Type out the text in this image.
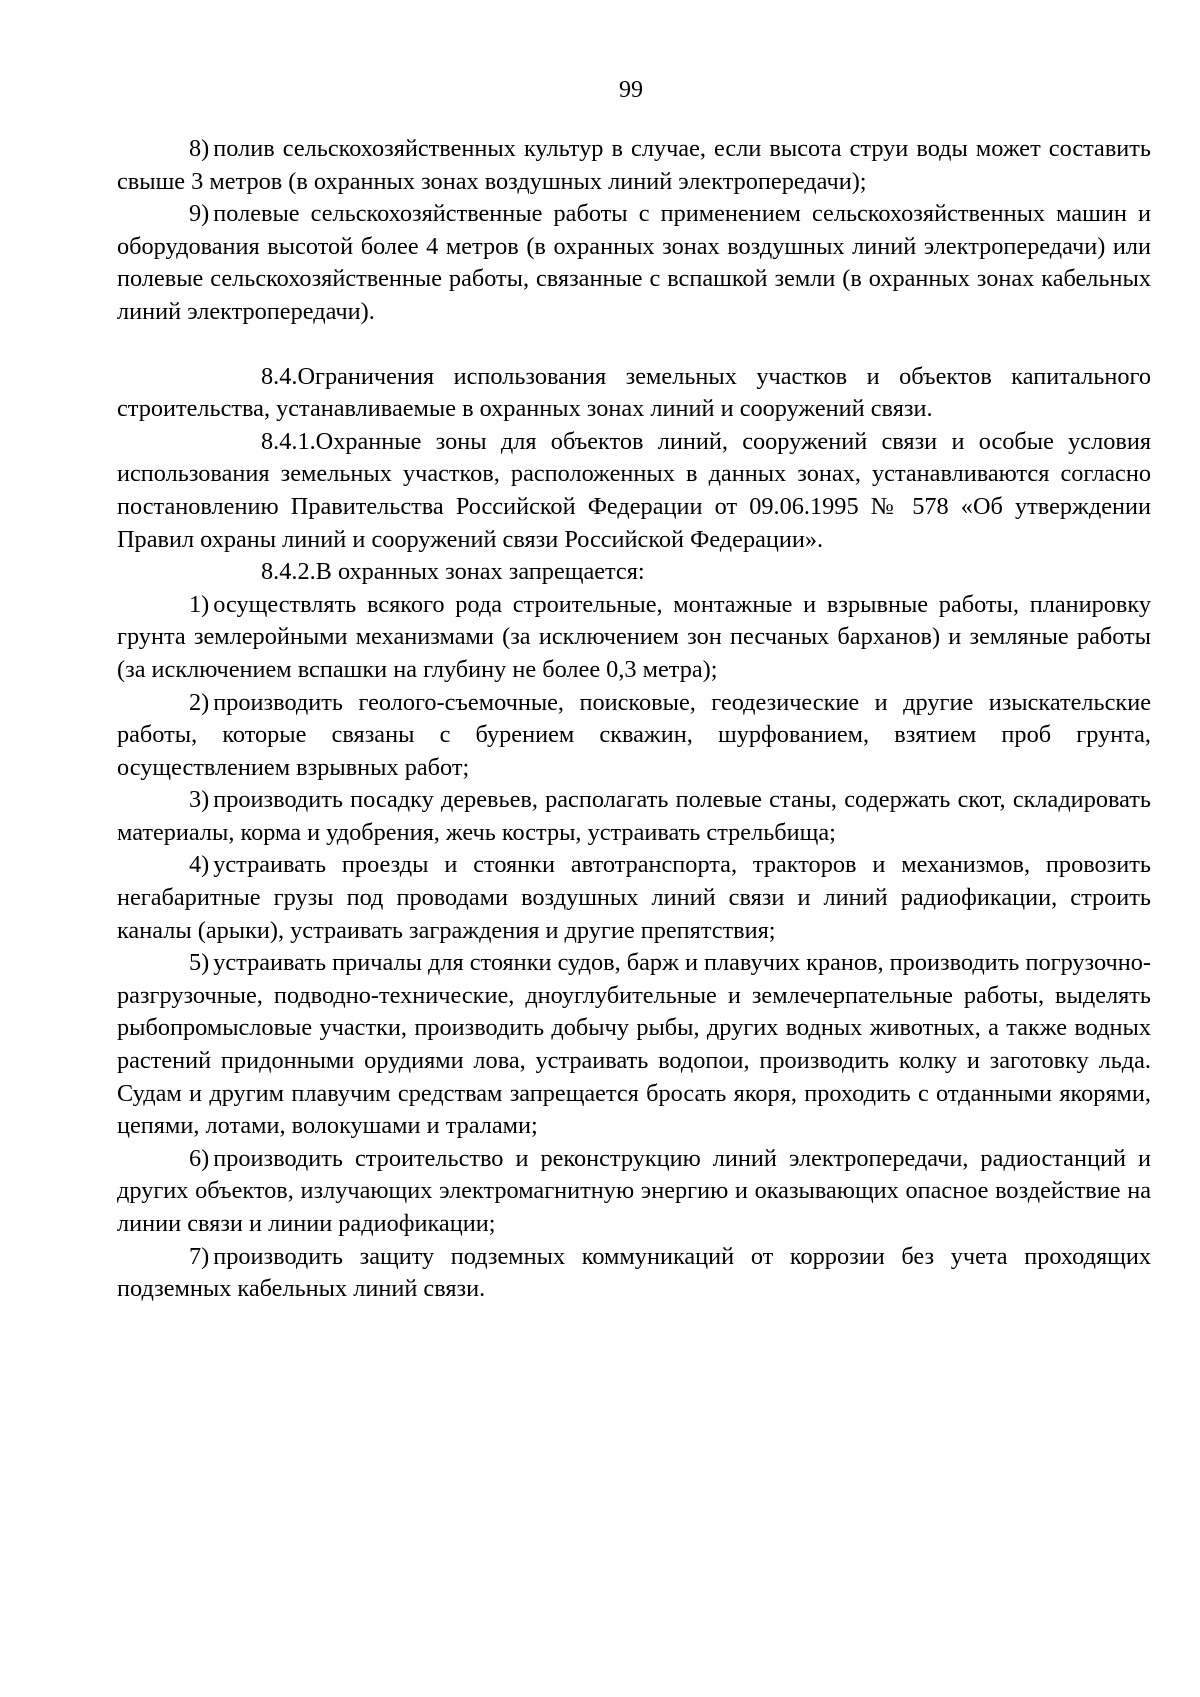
99

8) полив сельскохозяйственных культур в случае, если высота струи воды может составить свыше 3 метров (в охранных зонах воздушных линий электропередачи);

9) полевые сельскохозяйственные работы с применением сельскохозяйственных машин и оборудования высотой более 4 метров (в охранных зонах воздушных линий электропередачи) или полевые сельскохозяйственные работы, связанные с вспашкой земли (в охранных зонах кабельных линий электропередачи).

8.4.Ограничения использования земельных участков и объектов капитального строительства, устанавливаемые в охранных зонах линий и сооружений связи.

8.4.1.Охранные зоны для объектов линий, сооружений связи и особые условия использования земельных участков, расположенных в данных зонах, устанавливаются согласно постановлению Правительства Российской Федерации от 09.06.1995 № 578 «Об утверждении Правил охраны линий и сооружений связи Российской Федерации».

8.4.2.В охранных зонах запрещается:

1) осуществлять всякого рода строительные, монтажные и взрывные работы, планировку грунта землеройными механизмами (за исключением зон песчаных барханов) и земляные работы (за исключением вспашки на глубину не более 0,3 метра);

2) производить геолого-съемочные, поисковые, геодезические и другие изыскательские работы, которые связаны с бурением скважин, шурфованием, взятием проб грунта, осуществлением взрывных работ;

3) производить посадку деревьев, располагать полевые станы, содержать скот, складировать материалы, корма и удобрения, жечь костры, устраивать стрельбища;

4) устраивать проезды и стоянки автотранспорта, тракторов и механизмов, провозить негабаритные грузы под проводами воздушных линий связи и линий радиофикации, строить каналы (арыки), устраивать заграждения и другие препятствия;

5) устраивать причалы для стоянки судов, барж и плавучих кранов, производить погрузочно-разгрузочные, подводно-технические, дноуглубительные и землечерпательные работы, выделять рыбопромысловые участки, производить добычу рыбы, других водных животных, а также водных растений придонными орудиями лова, устраивать водопои, производить колку и заготовку льда. Судам и другим плавучим средствам запрещается бросать якоря, проходить с отданными якорями, цепями, лотами, волокушами и тралами;

6) производить строительство и реконструкцию линий электропередачи, радиостанций и других объектов, излучающих электромагнитную энергию и оказывающих опасное воздействие на линии связи и линии радиофикации;

7) производить защиту подземных коммуникаций от коррозии без учета проходящих подземных кабельных линий связи.
